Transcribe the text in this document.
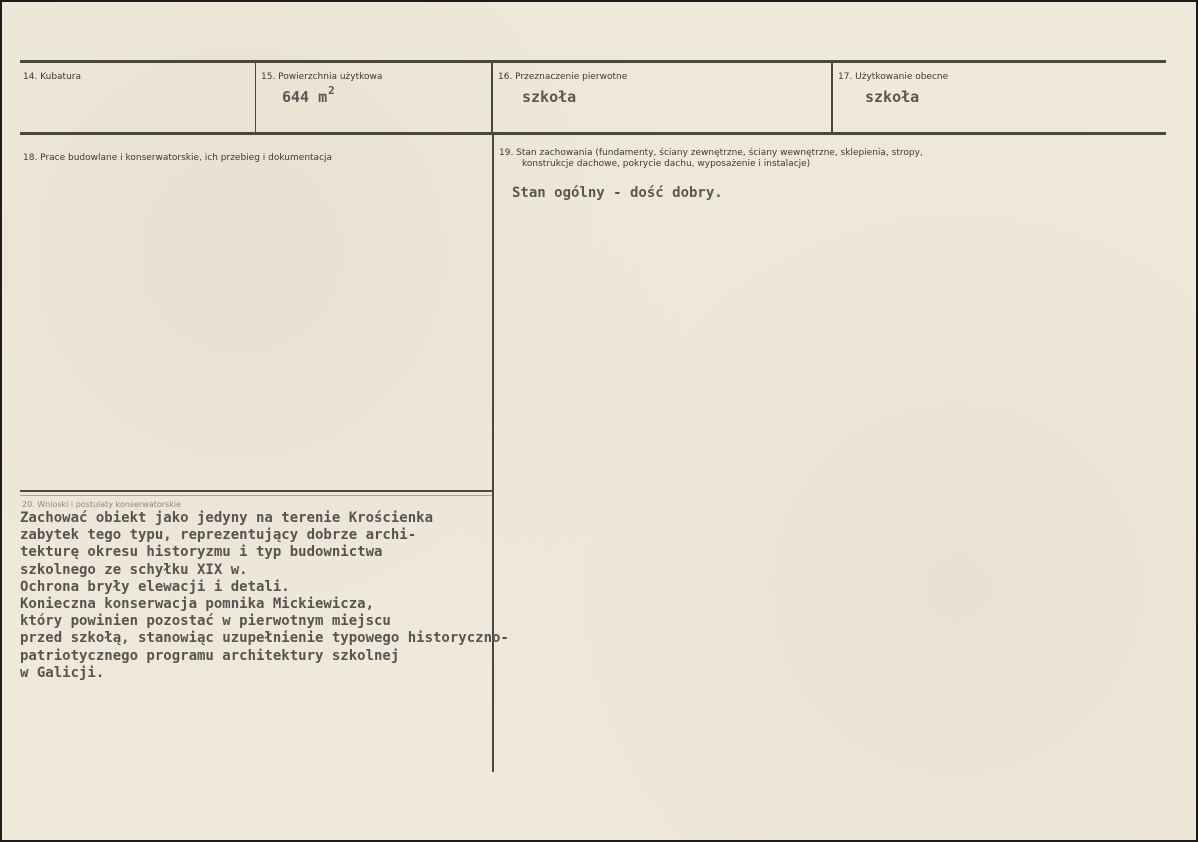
14. Kubatura	15. Powierzchnia użytkowa
644 $m^2$
16. Przeznaczenie pierwotne
szkoła
17. Użytkowanie obecne
szkoła
18. Prace budowlane i konserwatorskie, ich przebieg i dokumentacja	19. Stan zachowania (fundamenty, ściany zewnętrzne, ściany wewnętrzne, sklepienia, stropy,
konstrukcje dachowe, pokrycie dachu, wyposażenie i instalacje)
Stan ogólny - dość dobry.
20. Wnioski i postulaty konserwatorskie
Zachować obiekt jako jedyny na terenie Krościenka
zabytek tego typu, reprezentujący dobrze archi-
tekturę okresu historyzmu i typ budownictwa
szkolnego ze schyłku XIX w.
Ochrona bryły elewacji i detali.
Konieczna konserwacja pomnika Mickiewicza,
który powinien pozostać w pierwotnym miejscu
przed szkołą, stanowiąc uzupełnienie typowego historyczno-
patriotycznego programu architektury szkolnej
w Galicji.
